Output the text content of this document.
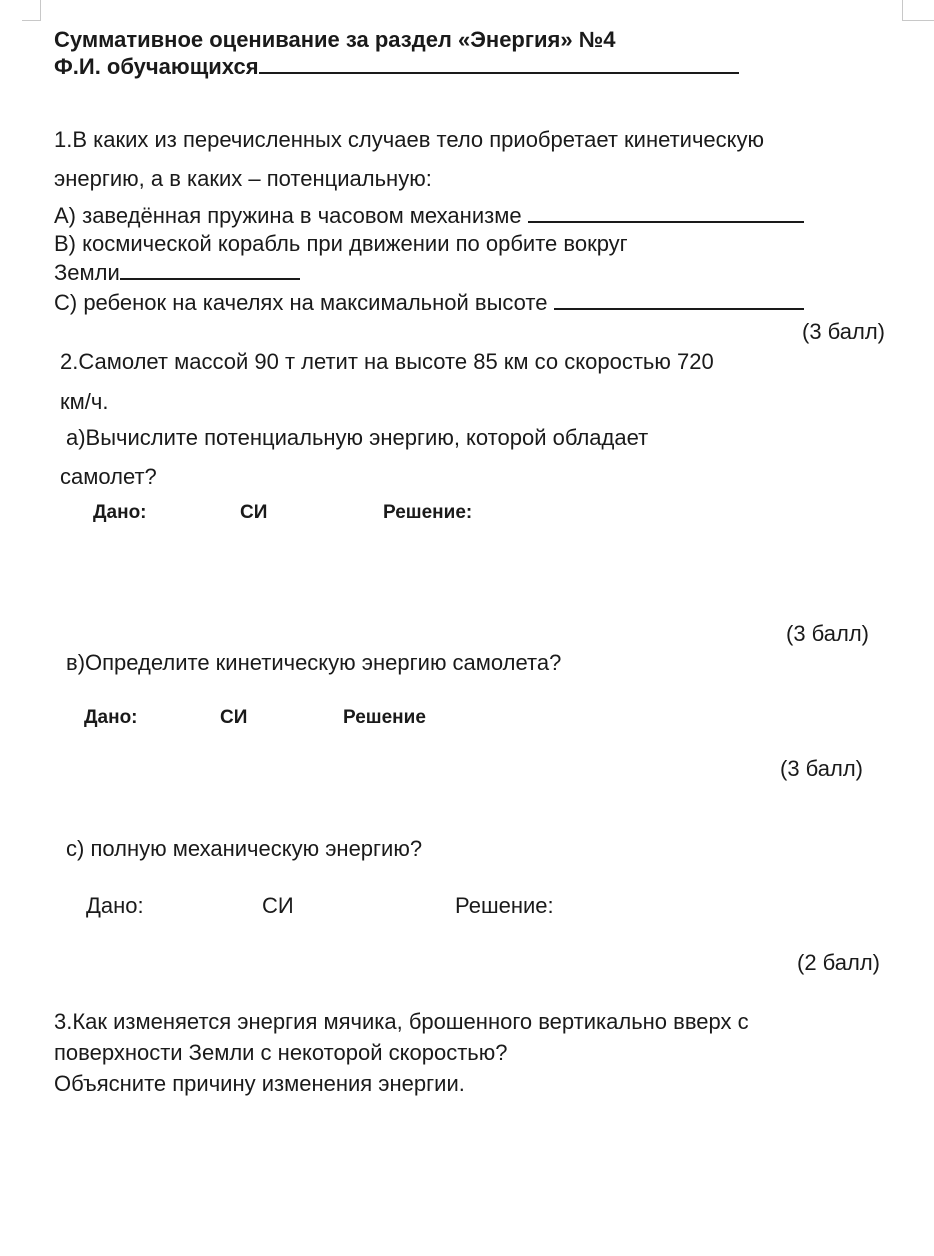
Суммативное оценивание за раздел «Энергия» №4
Ф.И. обучающихся
1.В каких из перечисленных случаев тело приобретает кинетическую
энергию, а в каких – потенциальную:
А) заведённая пружина в часовом механизме
В) космической корабль при движении по орбите вокруг
Земли
С) ребенок на качелях на максимальной высоте
(3 балл)
2.Самолет массой 90 т летит на высоте 85 км со скоростью 720
км/ч.
а)Вычислите потенциальную энергию, которой обладает
самолет?
Дано:	СИ	Решение:
(3 балл)
в)Определите кинетическую энергию самолета?
Дано:	СИ	Решение
(3 балл)
с) полную механическую энергию?
Дано:	СИ	Решение:
(2 балл)
3.Как изменяется энергия мячика, брошенного вертикально вверх с
поверхности Земли с некоторой скоростью?
Объясните причину изменения энергии.
